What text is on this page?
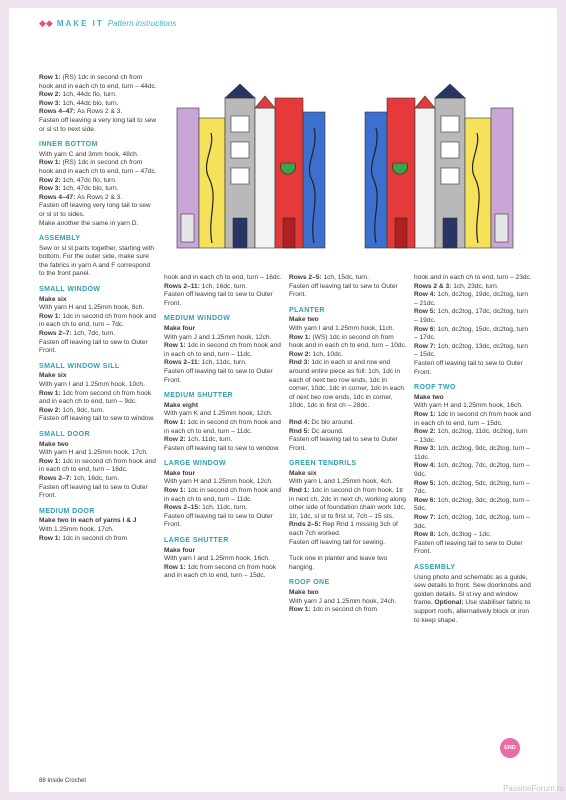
◆◆ MAKE IT Pattern instructions

Row 1: (RS) 1dc in second ch from hook and in each ch to end, turn – 44dc.

Row 2: 1ch, 44dc flo, turn.

Row 3: 1ch, 44dc blo, turn.

Rows 4–47: As Rows 2 & 3.

Fasten off leaving a very long tail to sew or sl st to next side.

INNER BOTTOM

With yarn C and 3mm hook, 48ch.

Row 1: (RS) 1dc in second ch from hook and in each ch to end, turn – 47dc.

Row 2: 1ch, 47dc flo, turn.

Row 3: 1ch, 47dc blo, turn.

Rows 4–47: As Rows 2 & 3.

Fasten off leaving very long tail to sew or sl st to sides.

Make another the same in yarn D.

ASSEMBLY

Sew or sl st parts together, starting with bottom. For the outer side, make sure the fabrics in yarn A and F correspond to the front panel.

SMALL WINDOW

Make six

With yarn H and 1.25mm hook, 8ch.

Row 1: 1dc in second ch from hook and in each ch to end, turn – 7dc.

Rows 2–7: 1ch, 7dc, turn.

Fasten off leaving tail to sew to Outer Front.

SMALL WINDOW SILL

Make six

With yarn I and 1.25mm hook, 10ch.

Row 1: 1dc from second ch from hook and in each ch to end, turn – 9dc.

Row 2: 1ch, 9dc, turn.

Fasten off leaving tail to sew to window.

SMALL DOOR

Make two

With yarn H and 1.25mm hook, 17ch.

Row 1: 1dc in second ch from hook and in each ch to end, turn – 16dc.

Rows 2–7: 1ch, 16dc, turn.

Fasten off leaving tail to sew to Outer Front.

MEDIUM DOOR

Make two in each of yarns I & J

With 1.25mm hook, 17ch.

Row 1: 1dc in second ch from

hook and in each ch to end, turn – 16dc.

Rows 2–11: 1ch, 16dc, turn.

Fasten off leaving tail to sew to Outer Front.

MEDIUM WINDOW

Make four

With yarn J and 1.25mm hook, 12ch.

Row 1: 1dc in second ch from hook and in each ch to end, turn – 11dc.

Rows 2–11: 1ch, 11dc, turn.

Fasten off leaving tail to sew to Outer Front.

MEDIUM SHUTTER

Make eight

With yarn K and 1.25mm hook, 12ch.

Row 1: 1dc in second ch from hook and in each ch to end, turn – 11dc.

Row 2: 1ch, 11dc, turn.

Fasten off leaving tail to sew to window.

LARGE WINDOW

Make four

With yarn H and 1.25mm hook, 12ch.

Row 1: 1dc in second ch from hook and in each ch to end, turn – 11dc.

Rows 2–15: 1ch, 11dc, turn.

Fasten off leaving tail to sew to Outer Front.

LARGE SHUTTER

Make four

With yarn I and 1.25mm hook, 16ch.

Row 1: 1dc from second ch from hook and in each ch to end, turn – 15dc.

Rows 2–5: 1ch, 15dc, turn.

Fasten off leaving tail to sew to Outer Front.

PLANTER

Make two

With yarn I and 1.25mm hook, 11ch.

Row 1: (WS) 1dc in second ch from hook and in each ch to end, turn – 10dc.

Row 2: 1ch, 10dc.

Rnd 3: 1dc in each st and row end around entire piece as foll: 1ch, 1dc in each of next two row ends, 1dc in corner, 10dc, 1dc in corner, 1dc in each of next two row ends, 1dc in corner, 10dc, 1dc in first ch – 28dc.

Rnd 4: Dc blo around.

Rnd 5: Dc around.

Fasten off leaving tail to sew to Outer Front.

GREEN TENDRILS

Make six

With yarn L and 1.25mm hook, 4ch.

Rnd 1: 1dc in second ch from hook, 1tr in next ch, 2dc in next ch, working along other side of foundation chain work 1dc, 1tr, 1dc, sl st to first st, 7ch – 15 sts.

Rnds 2–5: Rep Rnd 1 missing 3ch of each 7ch worked.

Fasten off leaving tail for sewing.

Tuck one in planter and leave two hanging.

ROOF ONE

Make two

With yarn J and 1.25mm hook, 24ch.

Row 1: 1dc in second ch from

hook and in each ch to end, turn – 23dc.

Rows 2 & 3: 1ch, 23dc, turn.

Row 4: 1ch, dc2tog, 19dc, dc2tog, turn – 21dc.

Row 5: 1ch, dc2tog, 17dc, dc2tog, turn – 19dc.

Row 6: 1ch, dc2tog, 15dc, dc2tog, turn – 17dc.

Row 7: 1ch, dc2tog, 13dc, dc2tog, turn – 15dc.

Fasten off leaving tail to sew to Outer Front.

ROOF TWO

Make two

With yarn H and 1.25mm hook, 16ch.

Row 1: 1dc in second ch from hook and in each ch to end, turn – 15dc.

Row 2: 1ch, dc2tog, 11dc, dc2tog, turn – 13dc.

Row 3: 1ch, dc2tog, 9dc, dc2tog, turn – 11dc.

Row 4: 1ch, dc2tog, 7dc, dc2tog, turn – 9dc.

Row 5: 1ch, dc2tog, 5dc, dc2tog, turn – 7dc.

Row 6: 1ch, dc2tog, 3dc, dc2tog, turn – 5dc.

Row 7: 1ch, dc2tog, 1dc, dc2tog, turn – 3dc.

Row 8: 1ch, dc3tog – 1dc.

Fasten off leaving tail to sew to Outer Front.

ASSEMBLY

Using photo and schematic as a guide, sew details to front. Sew doorknobs and golden details. Sl st ivy and window frame. Optional: Use stabiliser fabric to support roofs, alternatively block or iron to keep shape.

END
88 Inside Crochet
PassionForum.ru
